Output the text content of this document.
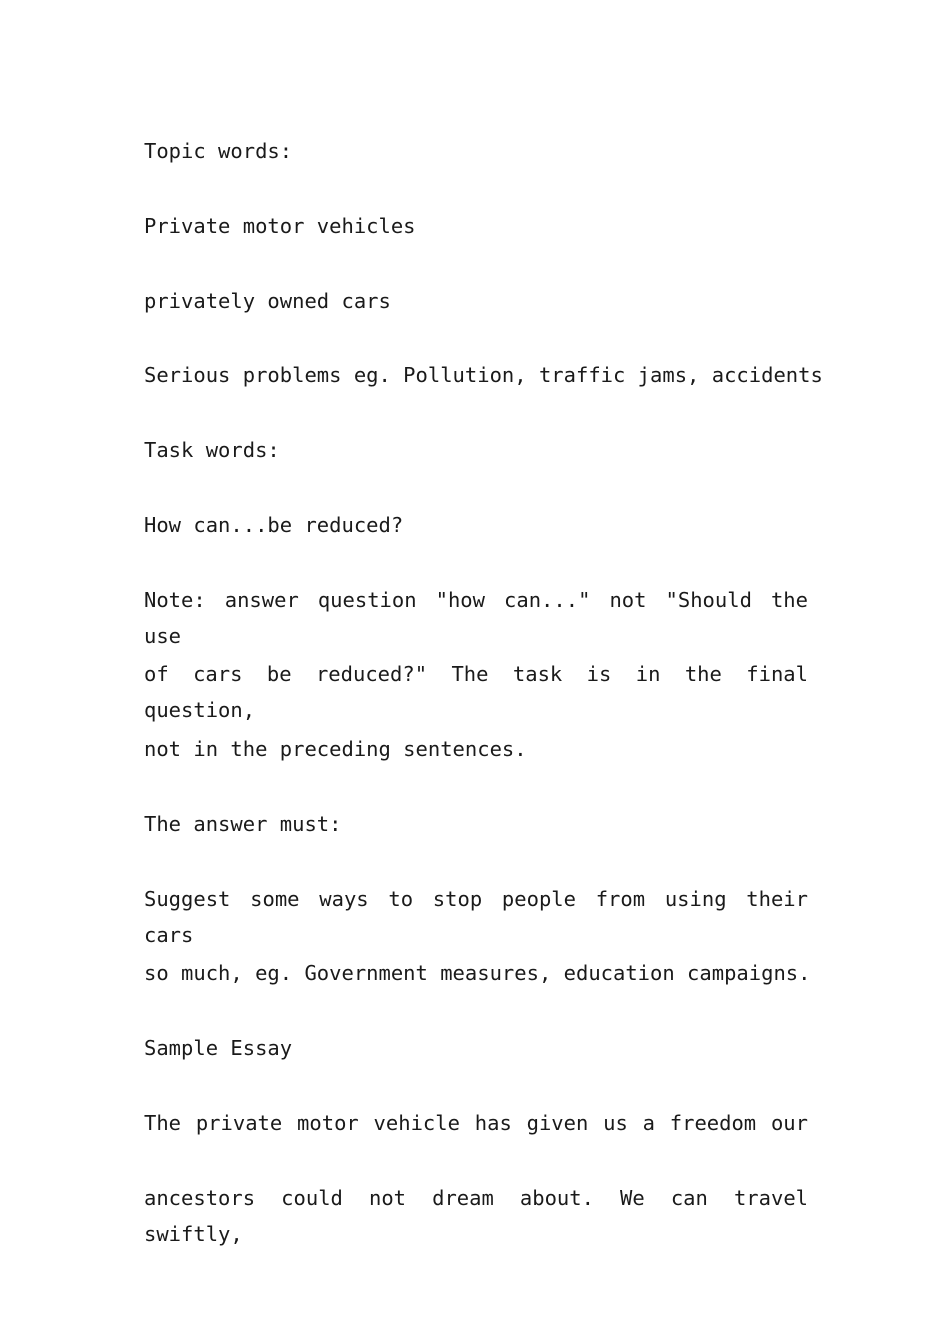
Topic words:
Private motor vehicles
privately owned cars
Serious problems eg. Pollution, traffic jams, accidents
Task words:
How can...be reduced?
Note: answer question "how can..." not "Should the use
of cars be reduced?" The task is in the final question,
not in the preceding sentences.
The answer must:
Suggest some ways to stop people from using their cars
so much, eg. Government measures, education campaigns.
Sample Essay
The private motor vehicle has given us a freedom our
ancestors could not dream about. We can travel swiftly,
